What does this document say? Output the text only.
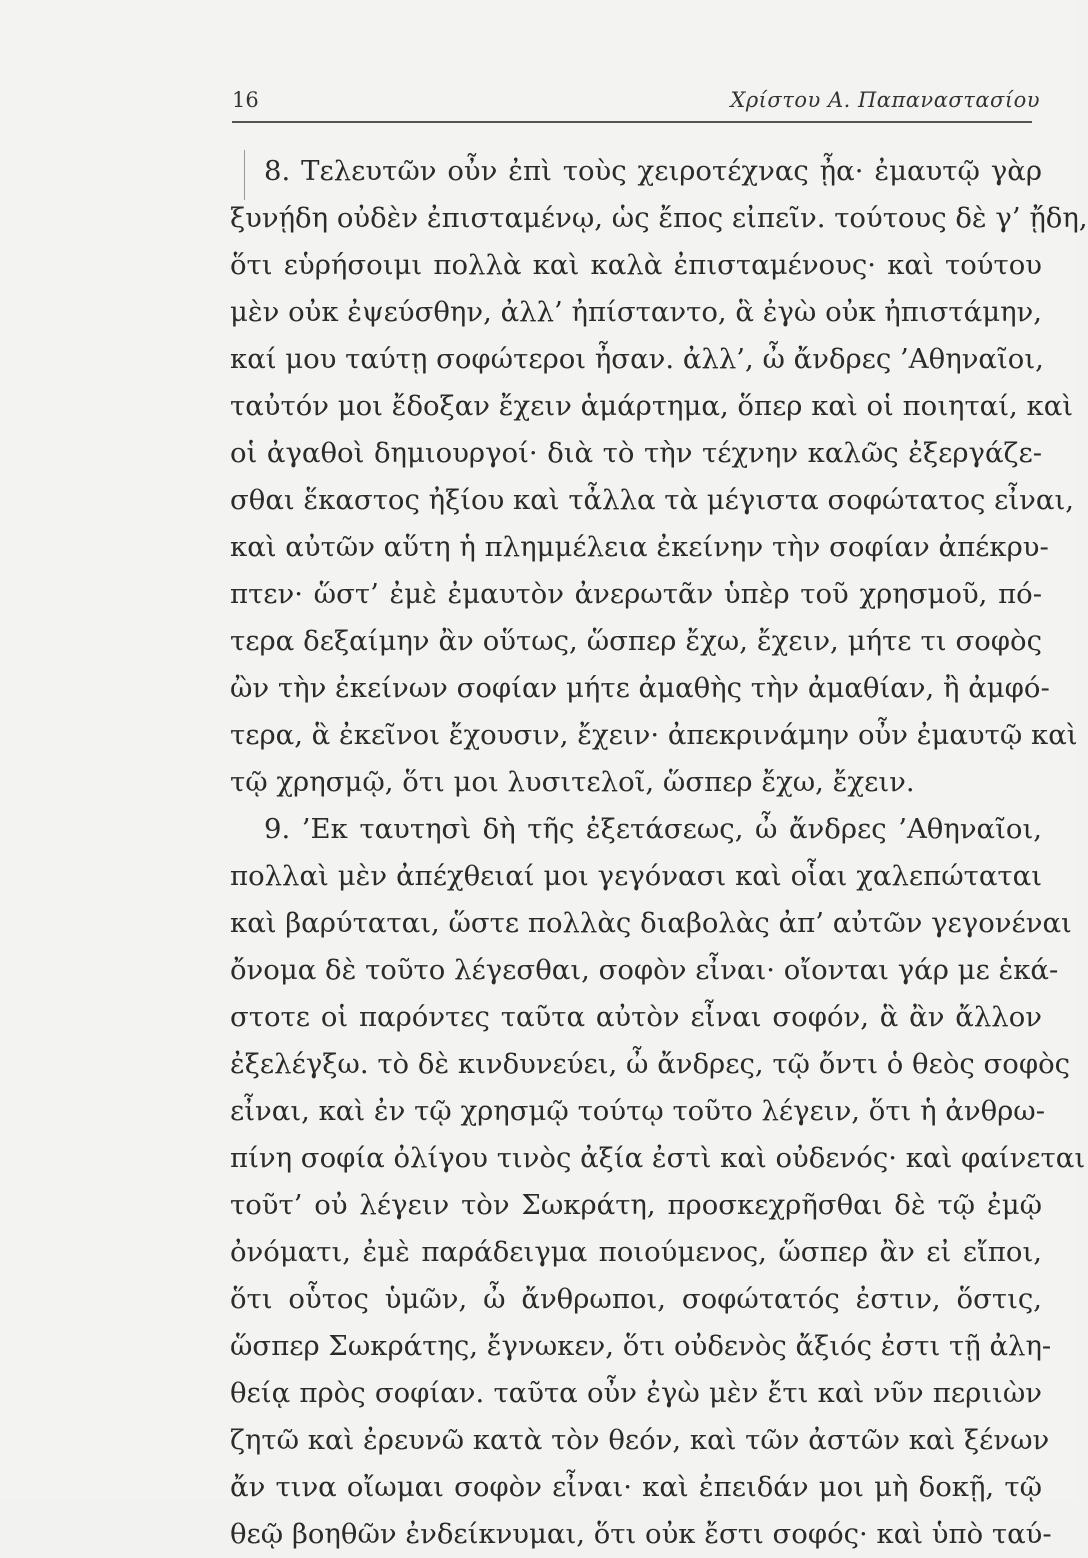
16	Χρίστου Α. Παπαναστασίου
8. Τελευτῶν οὖν ἐπὶ τοὺς χειροτέχνας ᾖα· ἐμαυτῷ γὰρ
ξυνῄδη οὐδὲν ἐπισταμένῳ, ὡς ἔπος εἰπεῖν. τούτους δὲ γ’ ᾔδη,
ὅτι εὑρήσοιμι πολλὰ καὶ καλὰ ἐπισταμένους· καὶ τούτου
μὲν οὐκ ἐψεύσθην, ἀλλ’ ἠπίσταντο, ἃ ἐγὼ οὐκ ἠπιστάμην,
καί μου ταύτῃ σοφώτεροι ἦσαν. ἀλλ’, ὦ ἄνδρες ’Αθηναῖοι,
ταὐτόν μοι ἔδοξαν ἔχειν ἁμάρτημα, ὅπερ καὶ οἱ ποιηταί, καὶ
οἱ ἀγαθοὶ δημιουργοί· διὰ τὸ τὴν τέχνην καλῶς ἐξεργάζε-
σθαι ἕκαστος ἠξίου καὶ τἆλλα τὰ μέγιστα σοφώτατος εἶναι,
καὶ αὐτῶν αὕτη ἡ πλημμέλεια ἐκείνην τὴν σοφίαν ἀπέκρυ-
πτεν· ὥστ’ ἐμὲ ἐμαυτὸν ἀνερωτᾶν ὑπὲρ τοῦ χρησμοῦ, πό-
τερα δεξαίμην ἂν οὕτως, ὥσπερ ἔχω, ἔχειν, μήτε τι σοφὸς
ὢν τὴν ἐκείνων σοφίαν μήτε ἀμαθὴς τὴν ἀμαθίαν, ἢ ἀμφό-
τερα, ἃ ἐκεῖνοι ἔχουσιν, ἔχειν· ἀπεκρινάμην οὖν ἐμαυτῷ καὶ
τῷ χρησμῷ, ὅτι μοι λυσιτελοῖ, ὥσπερ ἔχω, ἔχειν.
9. ’Εκ ταυτησὶ δὴ τῆς ἐξετάσεως, ὦ ἄνδρες ’Αθηναῖοι,
πολλαὶ μὲν ἀπέχθειαί μοι γεγόνασι καὶ οἷαι χαλεπώταται
καὶ βαρύταται, ὥστε πολλὰς διαβολὰς ἀπ’ αὐτῶν γεγονέναι
ὄνομα δὲ τοῦτο λέγεσθαι, σοφὸν εἶναι· οἴονται γάρ με ἑκά-
στοτε οἱ παρόντες ταῦτα αὐτὸν εἶναι σοφόν, ἃ ἂν ἄλλον
ἐξελέγξω. τὸ δὲ κινδυνεύει, ὦ ἄνδρες, τῷ ὄντι ὁ θεὸς σοφὸς
εἶναι, καὶ ἐν τῷ χρησμῷ τούτῳ τοῦτο λέγειν, ὅτι ἡ ἀνθρω-
πίνη σοφία ὀλίγου τινὸς ἀξία ἐστὶ καὶ οὐδενός· καὶ φαίνεται
τοῦτ’ οὐ λέγειν τὸν Σωκράτη, προσκεχρῆσθαι δὲ τῷ ἐμῷ
ὀνόματι, ἐμὲ παράδειγμα ποιούμενος, ὥσπερ ἂν εἰ εἴποι,
ὅτι οὗτος ὑμῶν, ὦ ἄνθρωποι, σοφώτατός ἐστιν, ὅστις,
ὥσπερ Σωκράτης, ἔγνωκεν, ὅτι οὐδενὸς ἄξιός ἐστι τῇ ἀλη-
θείᾳ πρὸς σοφίαν. ταῦτα οὖν ἐγὼ μὲν ἔτι καὶ νῦν περιιὼν
ζητῶ καὶ ἐρευνῶ κατὰ τὸν θεόν, καὶ τῶν ἀστῶν καὶ ξένων
ἄν τινα οἴωμαι σοφὸν εἶναι· καὶ ἐπειδάν μοι μὴ δοκῇ, τῷ
θεῷ βοηθῶν ἐνδείκνυμαι, ὅτι οὐκ ἔστι σοφός· καὶ ὑπὸ ταύ-
